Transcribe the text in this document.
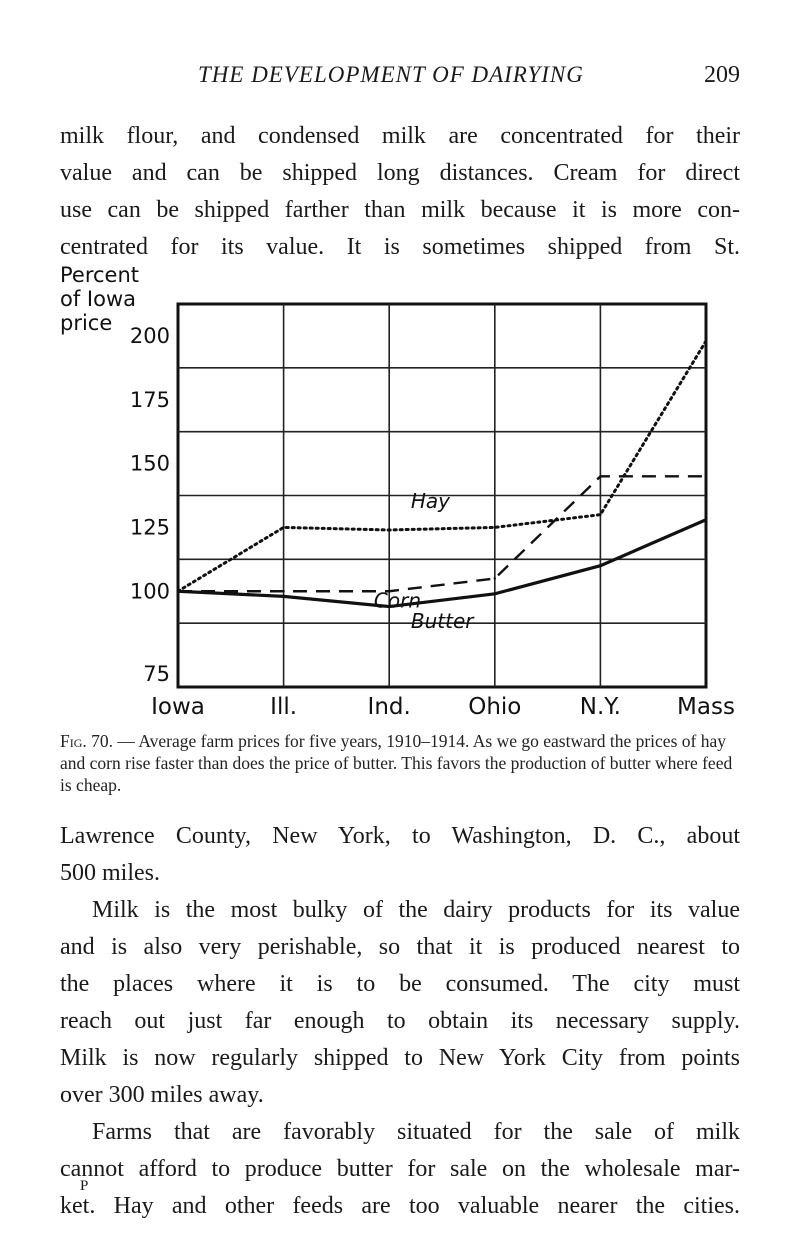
THE DEVELOPMENT OF DAIRYING	209

milk flour, and condensed milk are concentrated for their

value and can be shipped long distances. Cream for direct

use can be shipped farther than milk because it is more con-

centrated for its value. It is sometimes shipped from St.

200
175
150
125
100
75
Percent
of Iowa
price
Hay
Corn
Butter
Iowa	Ill.	Ind. Ohio	N.Y. Mass

Fig. 70. — Average farm prices for five years, 1910–1914. As we go eastward the prices of hay and corn rise faster than does the price of butter. This favors the production of butter where feed is cheap.

Lawrence County, New York, to Washington, D. C., about

500 miles.

Milk is the most bulky of the dairy products for its value

and is also very perishable, so that it is produced nearest to

the places where it is to be consumed. The city must

reach out just far enough to obtain its necessary supply.

Milk is now regularly shipped to New York City from points

over 300 miles away.

Farms that are favorably situated for the sale of milk

cannot afford to produce butter for sale on the wholesale mar-

ket. Hay and other feeds are too valuable nearer the cities.

P
